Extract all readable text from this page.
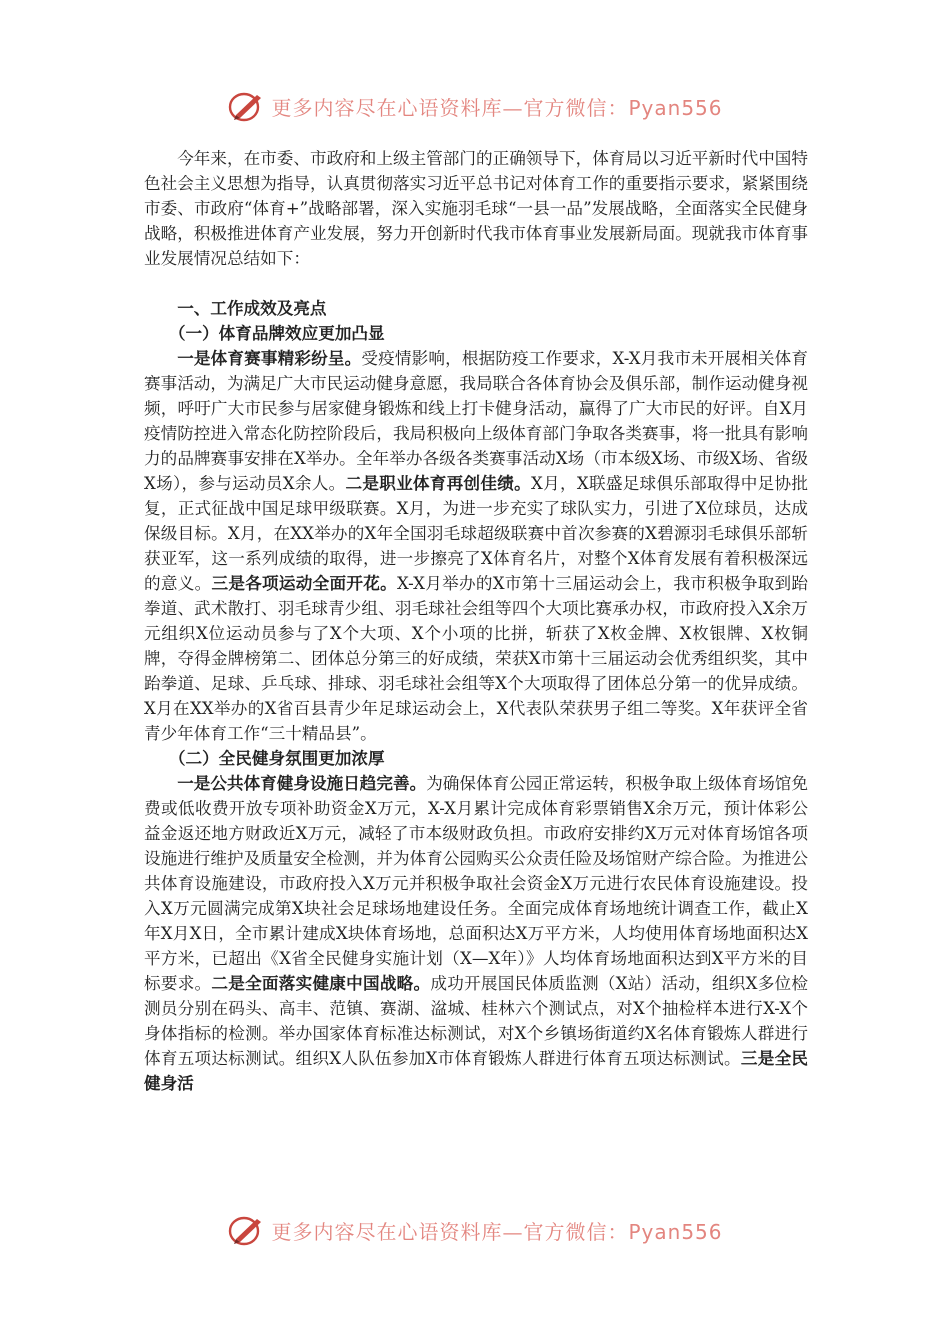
更多内容尽在心语资料库—官方微信：Pyan556

今年来，在市委、市政府和上级主管部门的正确领导下，体育局以习近平新时代中国特色社会主义思想为指导，认真贯彻落实习近平总书记对体育工作的重要指示要求，紧紧围绕市委、市政府“体育+”战略部署，深入实施羽毛球“一县一品”发展战略，全面落实全民健身战略，积极推进体育产业发展，努力开创新时代我市体育事业发展新局面。现就我市体育事业发展情况总结如下：

一、工作成效及亮点

（一）体育品牌效应更加凸显

一是体育赛事精彩纷呈。受疫情影响，根据防疫工作要求，X-X月我市未开展相关体育赛事活动，为满足广大市民运动健身意愿，我局联合各体育协会及俱乐部，制作运动健身视频，呼吁广大市民参与居家健身锻炼和线上打卡健身活动，赢得了广大市民的好评。自X月疫情防控进入常态化防控阶段后，我局积极向上级体育部门争取各类赛事，将一批具有影响力的品牌赛事安排在X举办。全年举办各级各类赛事活动X场（市本级X场、市级X场、省级X场），参与运动员X余人。二是职业体育再创佳绩。X月，X联盛足球俱乐部取得中足协批复，正式征战中国足球甲级联赛。X月，为进一步充实了球队实力，引进了X位球员，达成保级目标。X月，在XX举办的X年全国羽毛球超级联赛中首次参赛的X碧源羽毛球俱乐部斩获亚军，这一系列成绩的取得，进一步擦亮了X体育名片，对整个X体育发展有着积极深远的意义。三是各项运动全面开花。X-X月举办的X市第十三届运动会上，我市积极争取到跆拳道、武术散打、羽毛球青少组、羽毛球社会组等四个大项比赛承办权，市政府投入X余万元组织X位运动员参与了X个大项、X个小项的比拼，斩获了X枚金牌、X枚银牌、X枚铜牌，夺得金牌榜第二、团体总分第三的好成绩，荣获X市第十三届运动会优秀组织奖，其中跆拳道、足球、乒乓球、排球、羽毛球社会组等X个大项取得了团体总分第一的优异成绩。X月在XX举办的X省百县青少年足球运动会上，X代表队荣获男子组二等奖。X年获评全省青少年体育工作“三十精品县”。

（二）全民健身氛围更加浓厚

一是公共体育健身设施日趋完善。为确保体育公园正常运转，积极争取上级体育场馆免费或低收费开放专项补助资金X万元，X-X月累计完成体育彩票销售X余万元，预计体彩公益金返还地方财政近X万元，减轻了市本级财政负担。市政府安排约X万元对体育场馆各项设施进行维护及质量安全检测，并为体育公园购买公众责任险及场馆财产综合险。为推进公共体育设施建设，市政府投入X万元并积极争取社会资金X万元进行农民体育设施建设。投入X万元圆满完成第X块社会足球场地建设任务。全面完成体育场地统计调查工作，截止X年X月X日，全市累计建成X块体育场地，总面积达X万平方米，人均使用体育场地面积达X平方米，已超出《X省全民健身实施计划（X—X年）》人均体育场地面积达到X平方米的目标要求。二是全面落实健康中国战略。成功开展国民体质监测（X站）活动，组织X多位检测员分别在码头、高丰、范镇、赛湖、湓城、桂林六个测试点，对X个抽检样本进行X-X个身体指标的检测。举办国家体育标准达标测试，对X个乡镇场街道约X名体育锻炼人群进行体育五项达标测试。组织X人队伍参加X市体育锻炼人群进行体育五项达标测试。三是全民健身活

更多内容尽在心语资料库—官方微信：Pyan556
